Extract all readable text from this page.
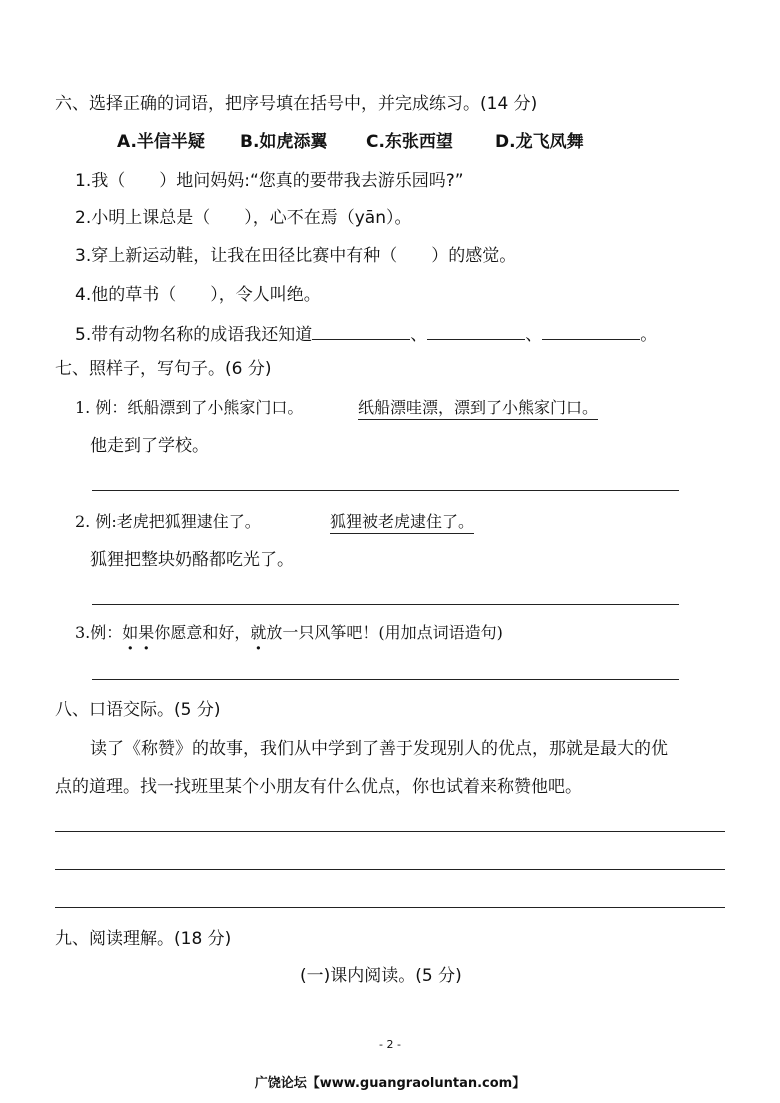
六、选择正确的词语，把序号填在括号中，并完成练习。(14 分)
A.半信半疑 B.如虎添翼 C.东张西望 D.龙飞凤舞
1.我（　　）地问妈妈:“您真的要带我去游乐园吗?”
2.小明上课总是（　　），心不在焉（yān）。
3.穿上新运动鞋，让我在田径比赛中有种（　　）的感觉。
4.他的草书（　　），令人叫绝。
5.带有动物名称的成语我还知道	、	、	。
七、照样子，写句子。(6 分)
1. 例：纸船漂到了小熊家门口。	纸船漂哇漂，漂到了小熊家门口。
他走到了学校。
2. 例:老虎把狐狸逮住了。	狐狸被老虎逮住了。
狐狸把整块奶酪都吃光了。
3.例：如果你愿意和好，就放一只风筝吧！(用加点词语造句)
八、口语交际。(5 分)
读了《称赞》的故事，我们从中学到了善于发现别人的优点，那就是最大的优
点的道理。找一找班里某个小朋友有什么优点，你也试着来称赞他吧。
九、阅读理解。(18 分)
(一)课内阅读。(5 分)
- 2 -
广饶论坛【www.guangraoluntan.com】
